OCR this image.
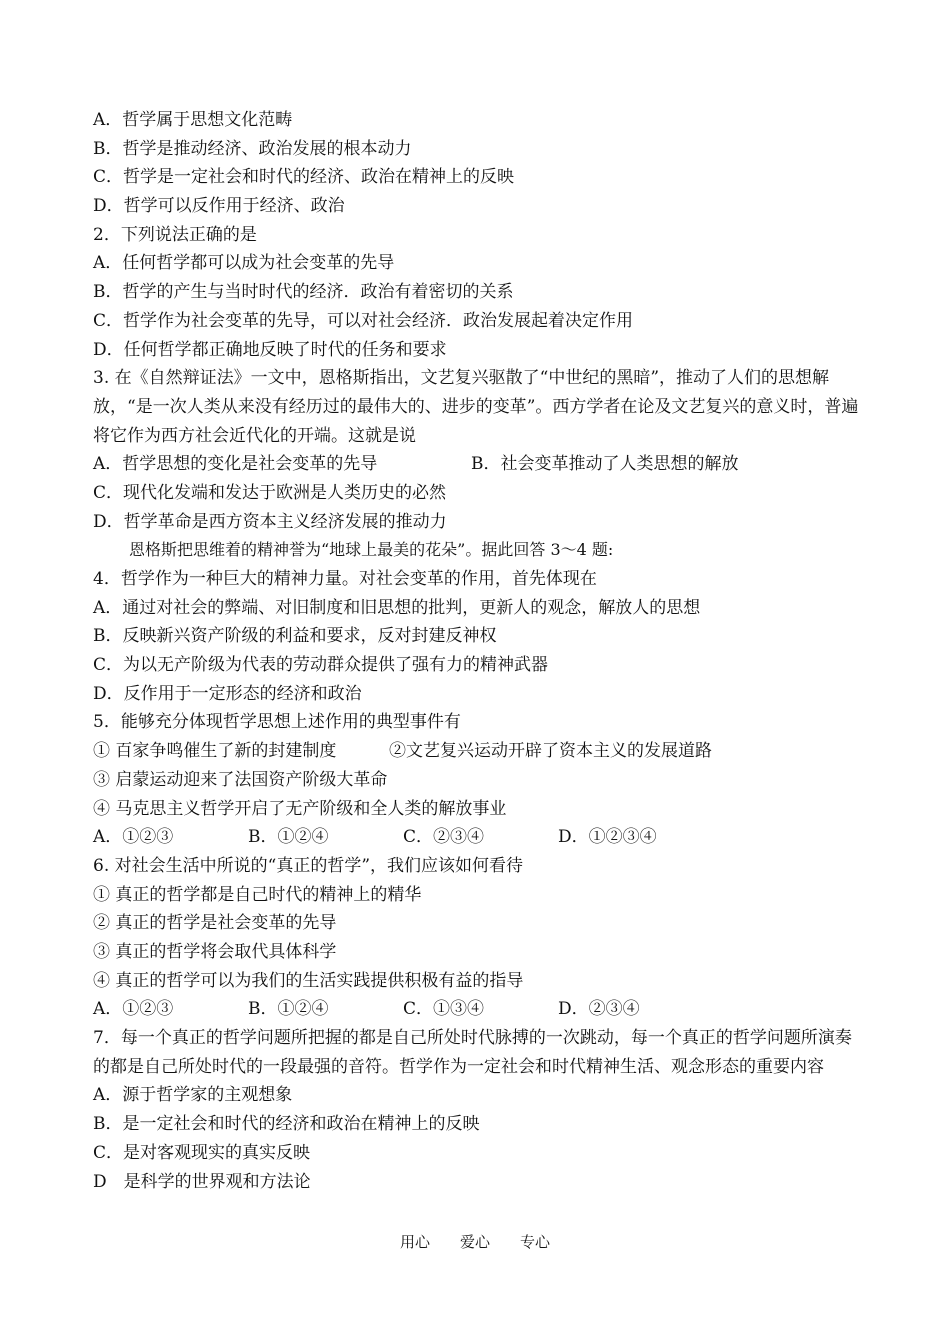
A．哲学属于思想文化范畴
B．哲学是推动经济、政治发展的根本动力
C．哲学是一定社会和时代的经济、政治在精神上的反映
D．哲学可以反作用于经济、政治
2．下列说法正确的是
A．任何哲学都可以成为社会变革的先导
B．哲学的产生与当时时代的经济．政治有着密切的关系
C．哲学作为社会变革的先导，可以对社会经济．政治发展起着决定作用
D．任何哲学都正确地反映了时代的任务和要求
3. 在《自然辩证法》一文中，恩格斯指出，文艺复兴驱散了“中世纪的黑暗”，推动了人们的思想解放，“是一次人类从来没有经历过的最伟大的、进步的变革”。西方学者在论及文艺复兴的意义时，普遍将它作为西方社会近代化的开端。这就是说
A．哲学思想的变化是社会变革的先导	B．社会变革推动了人类思想的解放
C．现代化发端和发达于欧洲是人类历史的必然
D．哲学革命是西方资本主义经济发展的推动力
恩格斯把思维着的精神誉为“地球上最美的花朵”。据此回答 3～4 题:
4．哲学作为一种巨大的精神力量。对社会变革的作用，首先体现在
A．通过对社会的弊端、对旧制度和旧思想的批判，更新人的观念，解放人的思想
B．反映新兴资产阶级的利益和要求，反对封建反神权
C．为以无产阶级为代表的劳动群众提供了强有力的精神武器
D．反作用于一定形态的经济和政治
5．能够充分体现哲学思想上述作用的典型事件有
① 百家争鸣催生了新的封建制度	②文艺复兴运动开辟了资本主义的发展道路
③ 启蒙运动迎来了法国资产阶级大革命
④ 马克思主义哲学开启了无产阶级和全人类的解放事业
A．①②③	B．①②④	C．②③④	D．①②③④
6. 对社会生活中所说的“真正的哲学”，我们应该如何看待
① 真正的哲学都是自己时代的精神上的精华
② 真正的哲学是社会变革的先导
③ 真正的哲学将会取代具体科学
④ 真正的哲学可以为我们的生活实践提供积极有益的指导
A．①②③	B．①②④	C．①③④	D．②③④
7．每一个真正的哲学问题所把握的都是自己所处时代脉搏的一次跳动，每一个真正的哲学问题所演奏的都是自己所处时代的一段最强的音符。哲学作为一定社会和时代精神生活、观念形态的重要内容
A．源于哲学家的主观想象
B．是一定社会和时代的经济和政治在精神上的反映
C．是对客观现实的真实反映
D　是科学的世界观和方法论
用心　　爱心　　专心
